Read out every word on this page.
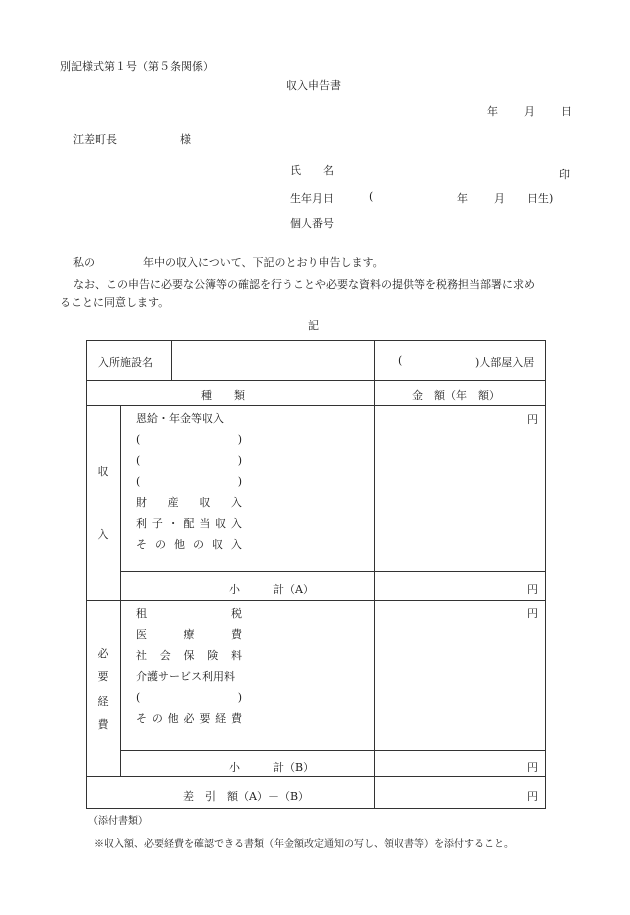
別記様式第１号（第５条関係）
収入申告書
年 月 日
江差町長	様
氏　　名	印
生年月日	(	年 月 日生)
個人番号
私の	年中の収入について、下記のとおり申告します。
なお、この申告に必要な公簿等の確認を行うことや必要な資料の提供等を税務担当部署に求め
ることに同意します。
記
入所施設名	(	)人部屋入居
種　　類	金　額（年　額）
収
入
恩給・年金等収入
(	)
(	)
(	)
財 産 収 入
利 子 ・ 配 当 収 入
そ の 他 の 収 入
円
小　　　計（A）	円
必
要
経
費
租	税
医	療	費
社 会 保 険 料
介護サービス利用料
(	)
そ の 他 必 要 経 費
円
小　　　計（B）	円
差　引　額（A）－（B）	円
（添付書類）
※収入額、必要経費を確認できる書類（年金額改定通知の写し、領収書等）を添付すること。
